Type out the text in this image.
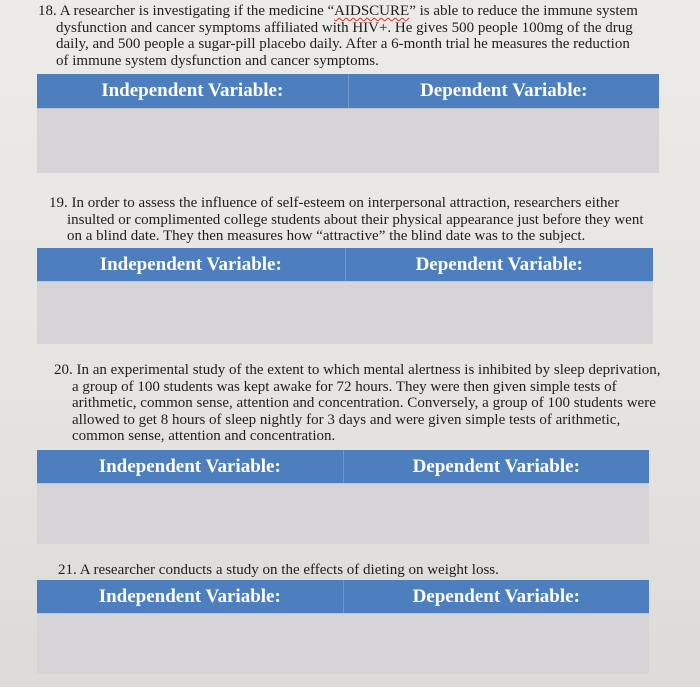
18. A researcher is investigating if the medicine “AIDSCURE” is able to reduce the immune system
dysfunction and cancer symptoms affiliated with HIV+. He gives 500 people 100mg of the drug
daily, and 500 people a sugar-pill placebo daily. After a 6-month trial he measures the reduction
of immune system dysfunction and cancer symptoms.
Independent Variable:	Dependent Variable:
19. In order to assess the influence of self-esteem on interpersonal attraction, researchers either
insulted or complimented college students about their physical appearance just before they went
on a blind date. They then measures how “attractive” the blind date was to the subject.
Independent Variable:	Dependent Variable:
20. In an experimental study of the extent to which mental alertness is inhibited by sleep deprivation,
a group of 100 students was kept awake for 72 hours. They were then given simple tests of
arithmetic, common sense, attention and concentration. Conversely, a group of 100 students were
allowed to get 8 hours of sleep nightly for 3 days and were given simple tests of arithmetic,
common sense, attention and concentration.
Independent Variable:	Dependent Variable:
21. A researcher conducts a study on the effects of dieting on weight loss.
Independent Variable:	Dependent Variable:
